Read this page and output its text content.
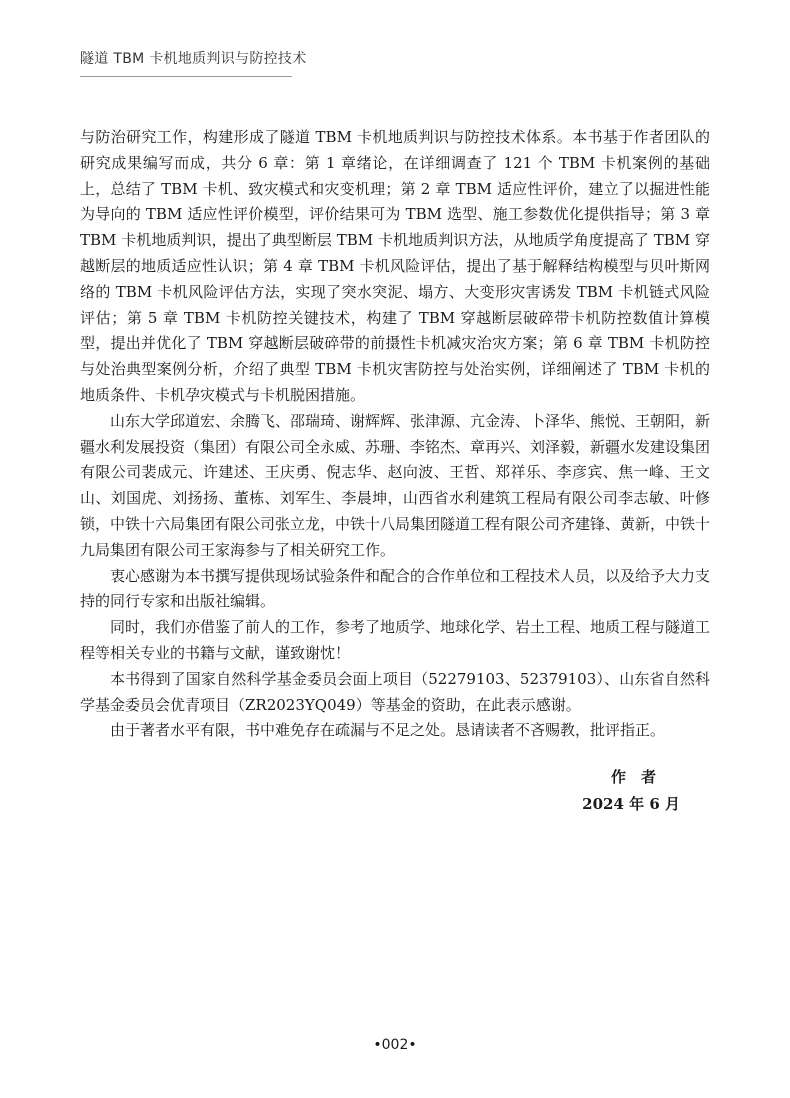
隧道 TBM 卡机地质判识与防控技术

与防治研究工作，构建形成了隧道 TBM 卡机地质判识与防控技术体系。本书基于作者团队的研究成果编写而成，共分 6 章：第 1 章绪论，在详细调查了 121 个 TBM 卡机案例的基础上，总结了 TBM 卡机、致灾模式和灾变机理；第 2 章 TBM 适应性评价，建立了以掘进性能为导向的 TBM 适应性评价模型，评价结果可为 TBM 选型、施工参数优化提供指导；第 3 章 TBM 卡机地质判识，提出了典型断层 TBM 卡机地质判识方法，从地质学角度提高了 TBM 穿越断层的地质适应性认识；第 4 章 TBM 卡机风险评估，提出了基于解释结构模型与贝叶斯网络的 TBM 卡机风险评估方法，实现了突水突泥、塌方、大变形灾害诱发 TBM 卡机链式风险评估；第 5 章 TBM 卡机防控关键技术，构建了 TBM 穿越断层破碎带卡机防控数值计算模型，提出并优化了 TBM 穿越断层破碎带的前摄性卡机减灾治灾方案；第 6 章 TBM 卡机防控与处治典型案例分析，介绍了典型 TBM 卡机灾害防控与处治实例，详细阐述了 TBM 卡机的地质条件、卡机孕灾模式与卡机脱困措施。

山东大学邱道宏、余腾飞、邵瑞琦、谢辉辉、张津源、亢金涛、卜泽华、熊悦、王朝阳，新疆水利发展投资（集团）有限公司全永威、苏珊、李铭杰、章再兴、刘泽毅，新疆水发建设集团有限公司裴成元、许建述、王庆勇、倪志华、赵向波、王哲、郑祥乐、李彦宾、焦一峰、王文山、刘国虎、刘扬扬、董栋、刘军生、李晨坤，山西省水利建筑工程局有限公司李志敏、叶修锁，中铁十六局集团有限公司张立龙，中铁十八局集团隧道工程有限公司齐建锋、黄新，中铁十九局集团有限公司王家海参与了相关研究工作。

衷心感谢为本书撰写提供现场试验条件和配合的合作单位和工程技术人员，以及给予大力支持的同行专家和出版社编辑。

同时，我们亦借鉴了前人的工作，参考了地质学、地球化学、岩土工程、地质工程与隧道工程等相关专业的书籍与文献，谨致谢忱！

本书得到了国家自然科学基金委员会面上项目（52279103、52379103）、山东省自然科学基金委员会优青项目（ZR2023YQ049）等基金的资助，在此表示感谢。

由于著者水平有限，书中难免存在疏漏与不足之处。恳请读者不吝赐教，批评指正。

作　者
2024 年 6 月
•002•
